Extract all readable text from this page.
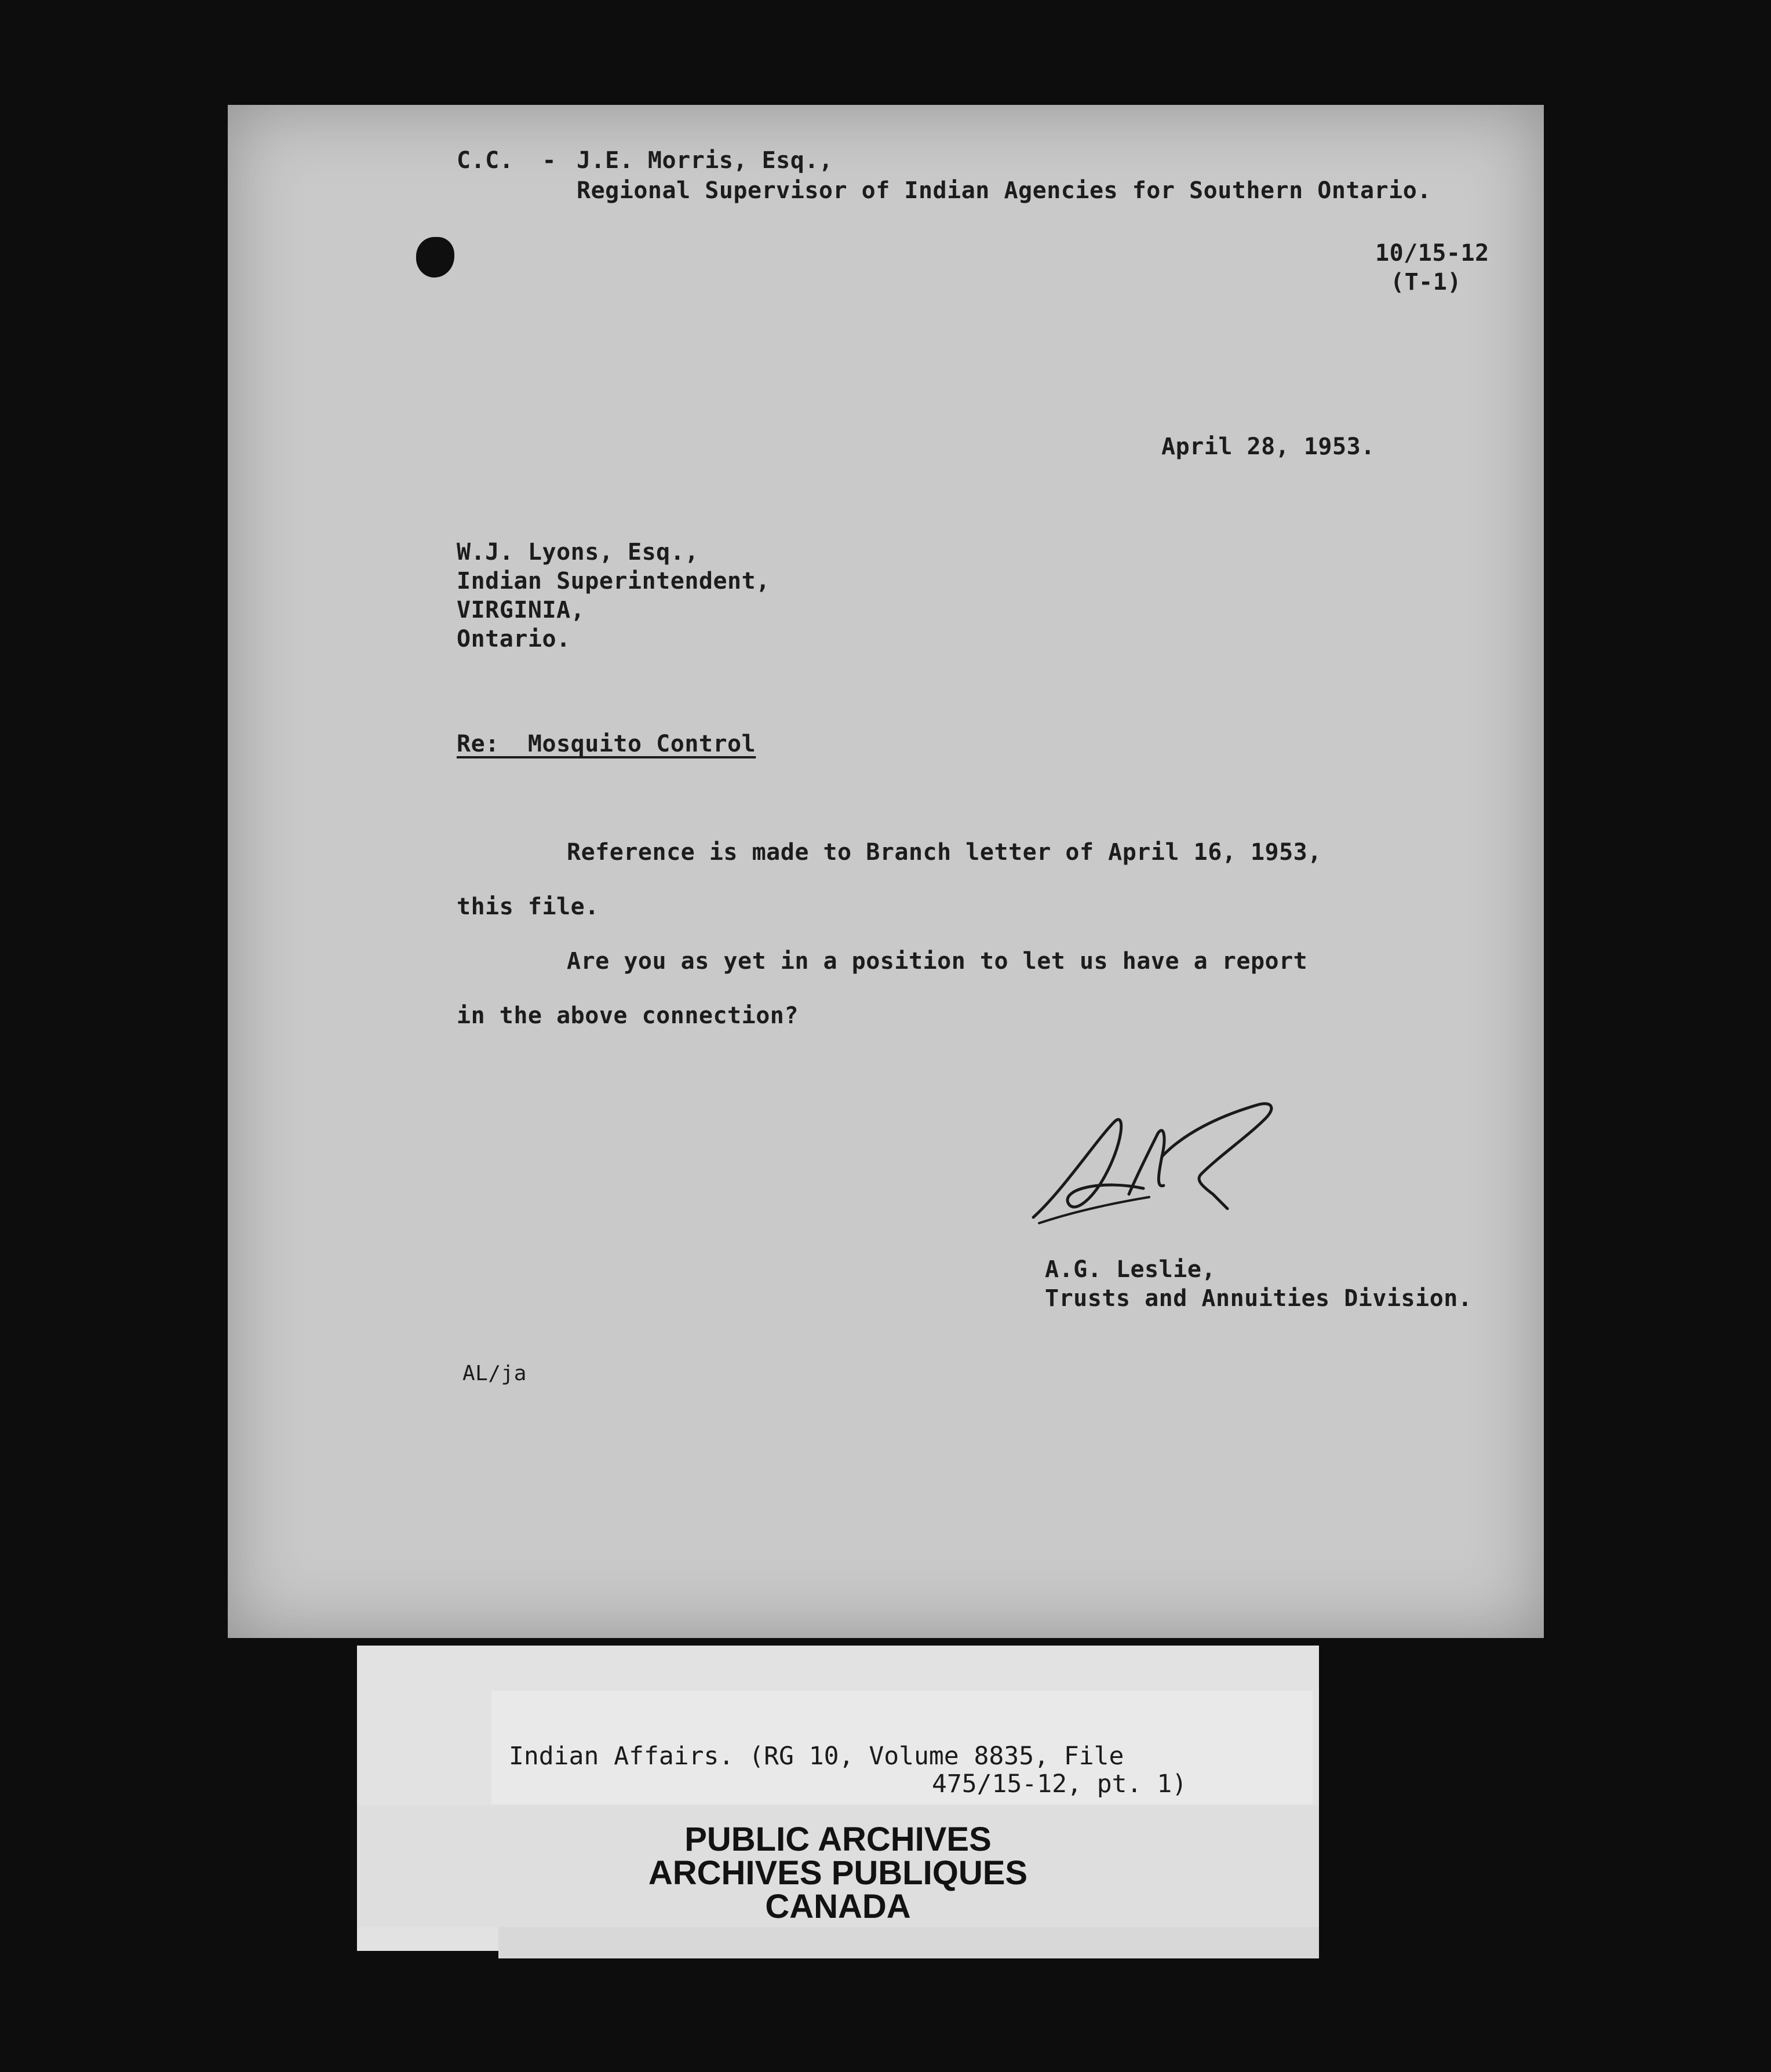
C.C.  - J.E. Morris, Esq.,
Regional Supervisor of Indian Agencies for Southern Ontario.
10/15-12
(T-1)
April 28, 1953.
W.J. Lyons, Esq.,
Indian Superintendent,
VIRGINIA,
Ontario.
Re:  Mosquito Control
Reference is made to Branch letter of April 16, 1953,
this file.
Are you as yet in a position to let us have a report
in the above connection?
A.G. Leslie,
Trusts and Annuities Division.
AL/ja
Indian Affairs. (RG 10, Volume 8835, File
475/15-12, pt. 1)
PUBLIC ARCHIVES
ARCHIVES PUBLIQUES
CANADA
